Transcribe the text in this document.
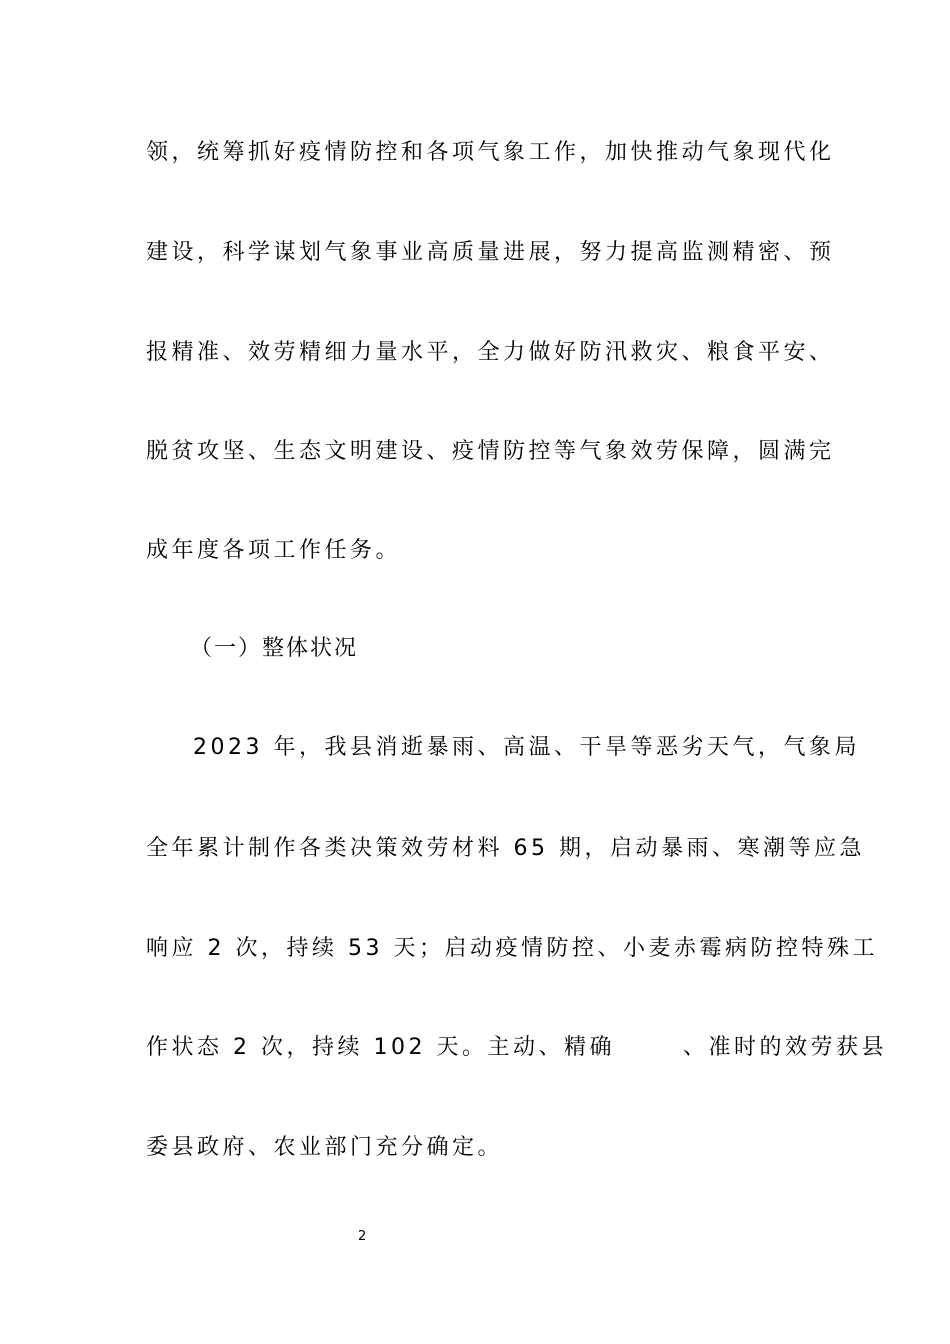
领，统筹抓好疫情防控和各项气象工作，加快推动气象现代化
建设，科学谋划气象事业高质量进展，努力提高监测精密、预
报精准、效劳精细力量水平，全力做好防汛救灾、粮食平安、
脱贫攻坚、生态文明建设、疫情防控等气象效劳保障，圆满完
成年度各项工作任务。
（一）整体状况
2023 年，我县消逝暴雨、高温、干旱等恶劣天气，气象局
全年累计制作各类决策效劳材料 65 期，启动暴雨、寒潮等应急
响应 2 次，持续 53 天；启动疫情防控、小麦赤霉病防控特殊工
作状态 2 次，持续 102 天。主动、精确	、准时的效劳获县
委县政府、农业部门充分确定。
2
